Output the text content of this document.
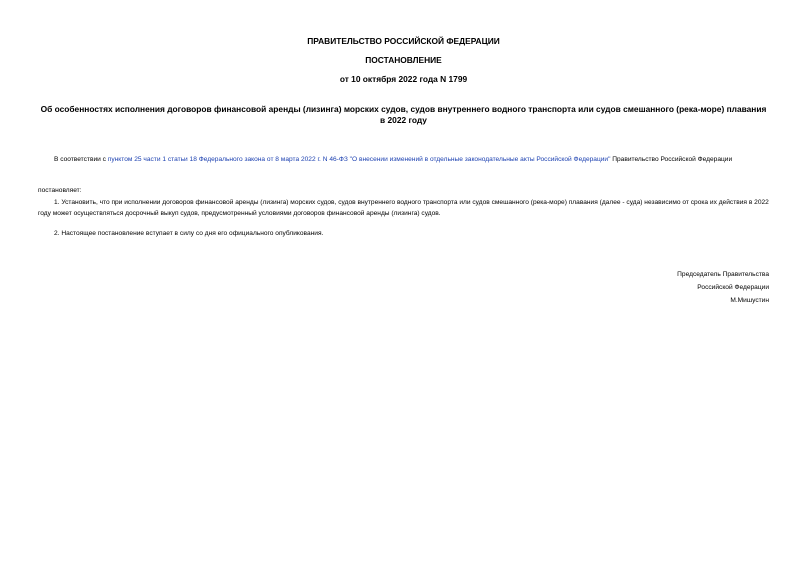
ПРАВИТЕЛЬСТВО РОССИЙСКОЙ ФЕДЕРАЦИИ
ПОСТАНОВЛЕНИЕ
от 10 октября 2022 года N 1799
Об особенностях исполнения договоров финансовой аренды (лизинга) морских судов, судов внутреннего водного транспорта или судов смешанного (река-море) плавания в 2022 году
В соответствии с пунктом 25 части 1 статьи 18 Федерального закона от 8 марта 2022 г. N 46-ФЗ "О внесении изменений в отдельные законодательные акты Российской Федерации" Правительство Российской Федерации
постановляет:
1. Установить, что при исполнении договоров финансовой аренды (лизинга) морских судов, судов внутреннего водного транспорта или судов смешанного (река-море) плавания (далее - суда) независимо от срока их действия в 2022 году может осуществляться досрочный выкуп судов, предусмотренный условиями договоров финансовой аренды (лизинга) судов.
2. Настоящее постановление вступает в силу со дня его официального опубликования.
Председатель Правительства
Российской Федерации
М.Мишустин
